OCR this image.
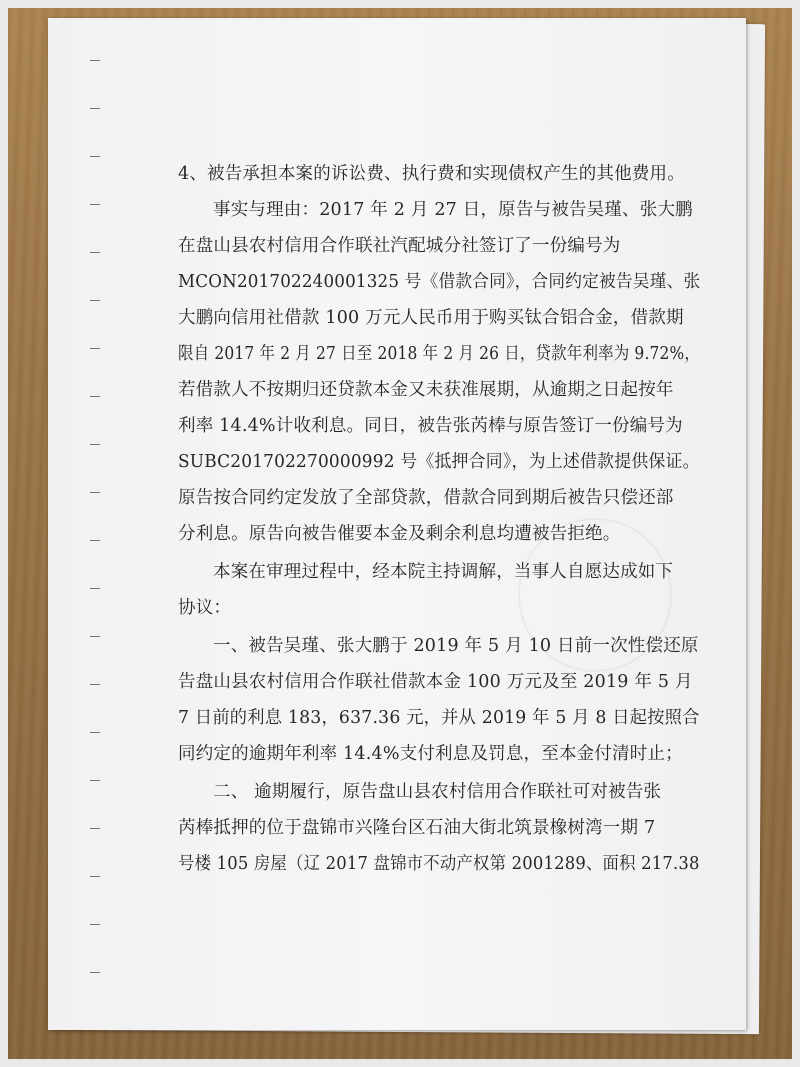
4、被告承担本案的诉讼费、执行费和实现债权产生的其他费用。
事实与理由：2017 年 2 月 27 日，原告与被告吴瑾、张大鹏
在盘山县农村信用合作联社汽配城分社签订了一份编号为
MCON201702240001325 号《借款合同》，合同约定被告吴瑾、张
大鹏向信用社借款 100 万元人民币用于购买钛合铝合金，借款期
限自 2017 年 2 月 27 日至 2018 年 2 月 26 日，贷款年利率为 9.72%，
若借款人不按期归还贷款本金又未获准展期，从逾期之日起按年
利率 14.4%计收利息。同日，被告张芮棒与原告签订一份编号为
SUBC201702270000992 号《抵押合同》，为上述借款提供保证。
原告按合同约定发放了全部贷款，借款合同到期后被告只偿还部
分利息。原告向被告催要本金及剩余利息均遭被告拒绝。
本案在审理过程中，经本院主持调解，当事人自愿达成如下
协议：
一、被告吴瑾、张大鹏于 2019 年 5 月 10 日前一次性偿还原
告盘山县农村信用合作联社借款本金 100 万元及至 2019 年 5 月
7 日前的利息 183，637.36 元，并从 2019 年 5 月 8 日起按照合
同约定的逾期年利率 14.4%支付利息及罚息，至本金付清时止；
二、 逾期履行，原告盘山县农村信用合作联社可对被告张
芮棒抵押的位于盘锦市兴隆台区石油大街北筑景橡树湾一期 7
号楼 105 房屋（辽 2017 盘锦市不动产权第 2001289、面积 217.38
